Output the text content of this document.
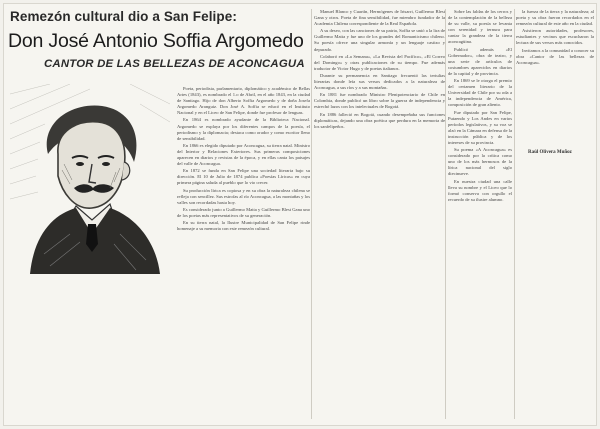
Remezón cultural dio a San Felipe:
Don José Antonio Soffia Argomedo
CANTOR DE LAS BELLEZAS DE ACONCAGUA

Poeta, periodista, parlamentario, diplomático y académico de Bellas Artes (1843), es nombrado el 1.o de Abril, en el año 1843, en la ciudad de Santiago. Hijo de don Alberto Soffia Argomedo y de doña Josefa Argomedo Aranguiz. Don José A. Soffia se educó en el Instituto Nacional y en el Liceo de San Felipe, donde fue profesor de lenguas.

En 1864 es nombrado ayudante de la Biblioteca Nacional. Argomedo se explaya por los diferentes campos de la poesía, el periodismo y la diplomacia; destaca como orador y como escritor lleno de sensibilidad.

En 1866 es elegido diputado por Aconcagua, su tierra natal. Ministro del Interior y Relaciones Exteriores. Sus primeras composiciones aparecen en diarios y revistas de la época, y en ellas canta los paisajes del valle de Aconcagua.

En 1872 se funda en San Felipe una sociedad literaria bajo su dirección. El 10 de Julio de 1874 publica «Poesías Líricas» en cuya primera página saluda al pueblo que lo vio crecer.

Su producción lírica es copiosa y en su obra la naturaleza chilena se refleja con sencillez. Sus estrofas al río Aconcagua, a las montañas y los valles son recordadas hasta hoy.

Es considerado junto a Guillermo Matta y Guillermo Blest Gana uno de los poetas más representativos de su generación.

En su tierra natal, la Ilustre Municipalidad de San Felipe rinde homenaje a su memoria con este remezón cultural.

Manuel Blanco y Cuartín, Hermógenes de Irisarri, Guillermo Blest Gana y otros. Poeta de fina sensibilidad, fue miembro fundador de la Academia Chilena correspondiente de la Real Española.

A su deseo, con las canciones de su patria, Soffia se unió a la lira de Guillermo Matta y fue uno de los grandes del Romanticismo chileno. Su poesía ofrece una singular armonía y un lenguaje castizo y depurado.

Colaboró en «La Semana», «La Revista del Pacífico», «El Correo del Domingo» y otras publicaciones de su tiempo. Fue además traductor de Victor Hugo y de poetas italianos.

Durante su permanencia en Santiago frecuentó las tertulias literarias donde leía sus versos dedicados a la naturaleza de Aconcagua, a sus ríos y a sus montañas.

En 1881 fue nombrado Ministro Plenipotenciario de Chile en Colombia, donde publicó un libro sobre la guerra de independencia y estrechó lazos con los intelectuales de Bogotá.

En 1886 falleció en Bogotá, cuando desempeñaba sus funciones diplomáticas, dejando una obra poética que perdura en la memoria de los sanfelipeños.

Sobre las faldas de los cerros y de la contemplación de la belleza de su valle, su poesía se levanta con serenidad y ternura para cantar la grandeza de la tierra aconcagüina.

Publicó además «El Gobernador», obra de teatro, y una serie de artículos de costumbres aparecidos en diarios de la capital y de provincia.

En 1869 se le otorga el premio del certamen literario de la Universidad de Chile por su oda a la independencia de América, composición de gran aliento.

Fue diputado por San Felipe, Putaendo y Los Andes en varios períodos legislativos, y su voz se alzó en la Cámara en defensa de la instrucción pública y de los intereses de su provincia.

Su poema «A Aconcagua» es considerado por la crítica como uno de los más hermosos de la lírica nacional del siglo diecinueve.

En nuestra ciudad una calle lleva su nombre y el Liceo que lo formó conserva con orgullo el recuerdo de su ilustre alumno.

la fuerza de la tierra y la naturaleza; al poeta y su obra fueron recordados en el remezón cultural de este año en la ciudad.

Asistieron autoridades, profesores, estudiantes y vecinos que escucharon la lectura de sus versos más conocidos.

Invitamos a la comunidad a conocer su obra «Cantor de las bellezas de Aconcagua».

Raúl Olivera Muñoz
